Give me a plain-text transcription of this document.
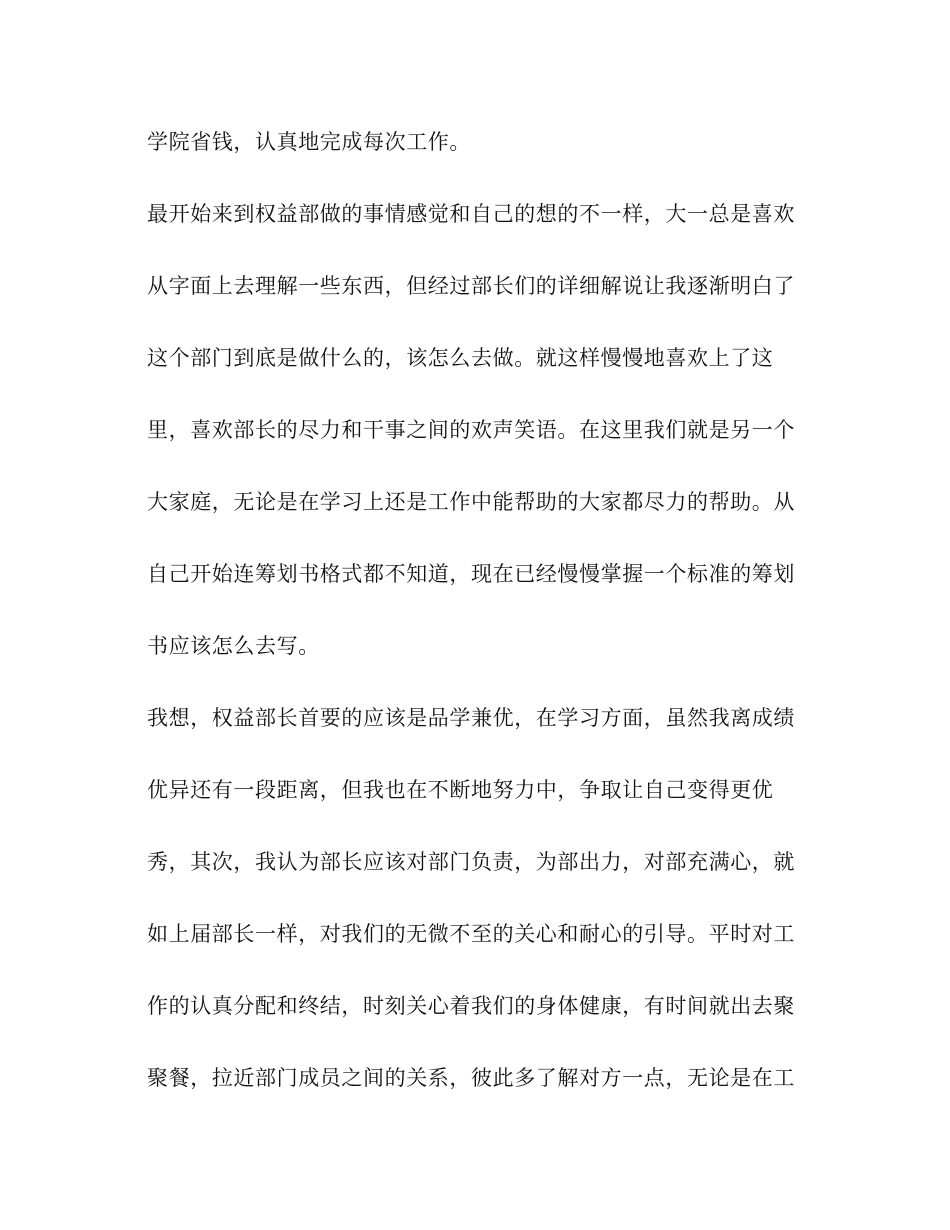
学院省钱，认真地完成每次工作。
最开始来到权益部做的事情感觉和自己的想的不一样，大一总是喜欢
从字面上去理解一些东西，但经过部长们的详细解说让我逐渐明白了
这个部门到底是做什么的，该怎么去做。就这样慢慢地喜欢上了这
里，喜欢部长的尽力和干事之间的欢声笑语。在这里我们就是另一个
大家庭，无论是在学习上还是工作中能帮助的大家都尽力的帮助。从
自己开始连筹划书格式都不知道，现在已经慢慢掌握一个标准的筹划
书应该怎么去写。
我想，权益部长首要的应该是品学兼优，在学习方面，虽然我离成绩
优异还有一段距离，但我也在不断地努力中，争取让自己变得更优
秀，其次，我认为部长应该对部门负责，为部出力，对部充满心，就
如上届部长一样，对我们的无微不至的关心和耐心的引导。平时对工
作的认真分配和终结，时刻关心着我们的身体健康，有时间就出去聚
聚餐，拉近部门成员之间的关系，彼此多了解对方一点，无论是在工
